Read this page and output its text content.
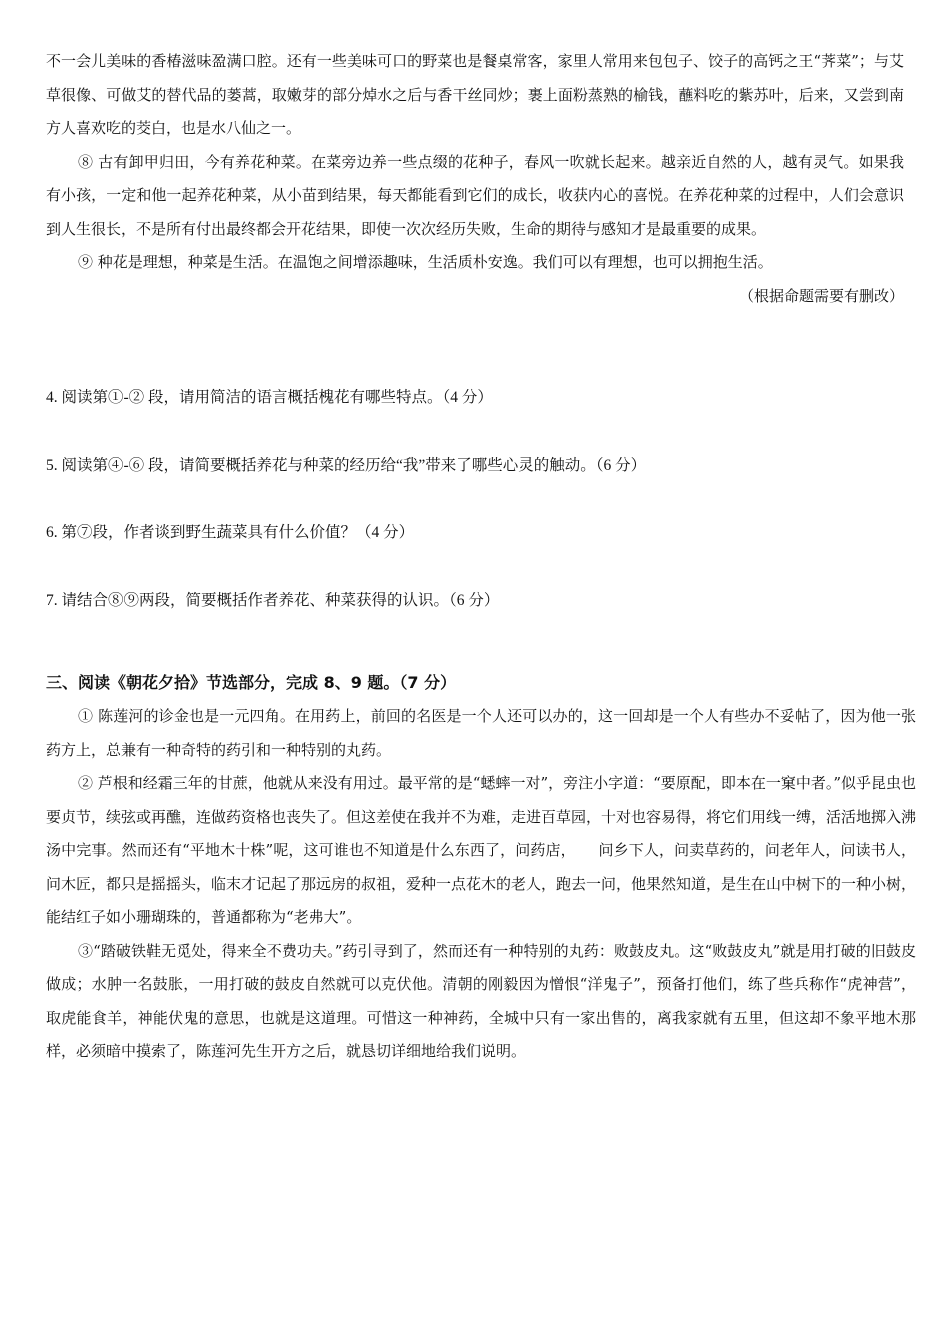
不一会儿美味的香椿滋味盈满口腔。还有一些美味可口的野菜也是餐桌常客，家里人常用来包包子、饺子的高钙之王“荠菜”；与艾草很像、可做艾的替代品的蒌蒿，取嫩芽的部分焯水之后与香干丝同炒；裹上面粉蒸熟的榆钱，蘸料吃的紫苏叶，后来，又尝到南方人喜欢吃的茭白，也是水八仙之一。

⑧ 古有卸甲归田，今有养花种菜。在菜旁边养一些点缀的花种子，春风一吹就长起来。越亲近自然的人，越有灵气。如果我有小孩，一定和他一起养花种菜，从小苗到结果，每天都能看到它们的成长，收获内心的喜悦。在养花种菜的过程中，人们会意识到人生很长，不是所有付出最终都会开花结果，即使一次次经历失败，生命的期待与感知才是最重要的成果。

⑨ 种花是理想，种菜是生活。在温饱之间增添趣味，生活质朴安逸。我们可以有理想，也可以拥抱生活。

（根据命题需要有删改）

4. 阅读第①-② 段，请用简洁的语言概括槐花有哪些特点。（4 分）

5. 阅读第④-⑥ 段，请简要概括养花与种菜的经历给“我”带来了哪些心灵的触动。（6 分）

6. 第⑦段，作者谈到野生蔬菜具有什么价值？（4 分）

7. 请结合⑧⑨两段，简要概括作者养花、种菜获得的认识。（6 分）

三、阅读《朝花夕拾》节选部分，完成 8、9 题。（7 分）

① 陈莲河的诊金也是一元四角。在用药上，前回的名医是一个人还可以办的，这一回却是一个人有些办不妥帖了，因为他一张药方上，总兼有一种奇特的药引和一种特别的丸药。

② 芦根和经霜三年的甘蔗，他就从来没有用过。最平常的是“蟋蟀一对”，旁注小字道：“要原配，即本在一窠中者。”似乎昆虫也要贞节，续弦或再醮，连做药资格也丧失了。但这差使在我并不为难，走进百草园，十对也容易得，将它们用线一缚，活活地掷入沸汤中完事。然而还有“平地木十株”呢，这可谁也不知道是什么东西了，问药店，　　问乡下人，问卖草药的，问老年人，问读书人，问木匠，都只是摇摇头，临末才记起了那远房的叔祖，爱种一点花木的老人，跑去一问，他果然知道，是生在山中树下的一种小树，能结红子如小珊瑚珠的，普通都称为“老弗大”。

③“踏破铁鞋无觅处，得来全不费功夫。”药引寻到了，然而还有一种特别的丸药：败鼓皮丸。这“败鼓皮丸”就是用打破的旧鼓皮做成；水肿一名鼓胀，一用打破的鼓皮自然就可以克伏他。清朝的刚毅因为憎恨“洋鬼子”，预备打他们，练了些兵称作“虎神营”，取虎能食羊，神能伏鬼的意思，也就是这道理。可惜这一种神药，全城中只有一家出售的，离我家就有五里，但这却不象平地木那样，必须暗中摸索了，陈莲河先生开方之后，就恳切详细地给我们说明。
